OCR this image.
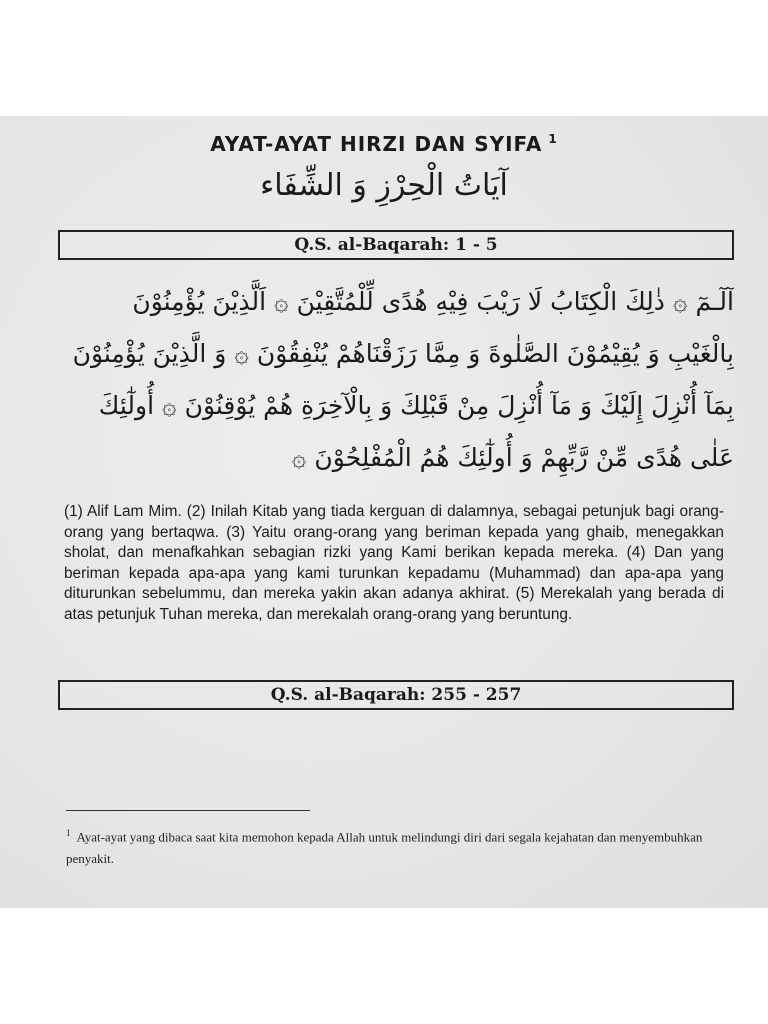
AYAT-AYAT HIRZI DAN SYIFA $^1$
آيَاتُ الْحِرْزِ وَ الشِّفَاء
Q.S. al-Baqarah: 1 - 5
آلٓـمٓ ۞ ذٰلِكَ الْكِتَابُ لَا رَيْبَ فِيْهِ هُدًى لِّلْمُتَّقِيْنَ ۞ اَلَّذِيْنَ يُؤْمِنُوْنَ
بِالْغَيْبِ وَ يُقِيْمُوْنَ الصَّلٰوةَ وَ مِمَّا رَزَقْنَاهُمْ يُنْفِقُوْنَ ۞ وَ الَّذِيْنَ يُؤْمِنُوْنَ
بِمَآ أُنْزِلَ إِلَيْكَ وَ مَآ أُنْزِلَ مِنْ قَبْلِكَ وَ بِالْآخِرَةِ هُمْ يُوْقِنُوْنَ ۞ أُولٰٓئِكَ
عَلٰى هُدًى مِّنْ رَّبِّهِمْ وَ أُولٰٓئِكَ هُمُ الْمُفْلِحُوْنَ ۞
(1) Alif Lam Mim. (2) Inilah Kitab yang tiada kerguan di dalamnya, sebagai petunjuk bagi orang-orang yang bertaqwa. (3) Yaitu orang-orang yang beriman kepada yang ghaib, menegakkan sholat, dan menafkahkan sebagian rizki yang Kami berikan kepada mereka. (4) Dan yang beriman kepada apa-apa yang kami turunkan kepadamu (Muhammad) dan apa-apa yang diturunkan sebelummu, dan mereka yakin akan adanya akhirat. (5) Merekalah yang berada di atas petunjuk Tuhan mereka, dan merekalah orang-orang yang beruntung.
Q.S. al-Baqarah: 255 - 257
$^1$ Ayat-ayat yang dibaca saat kita memohon kepada Allah untuk melindungi diri dari segala kejahatan dan menyembuhkan penyakit.
